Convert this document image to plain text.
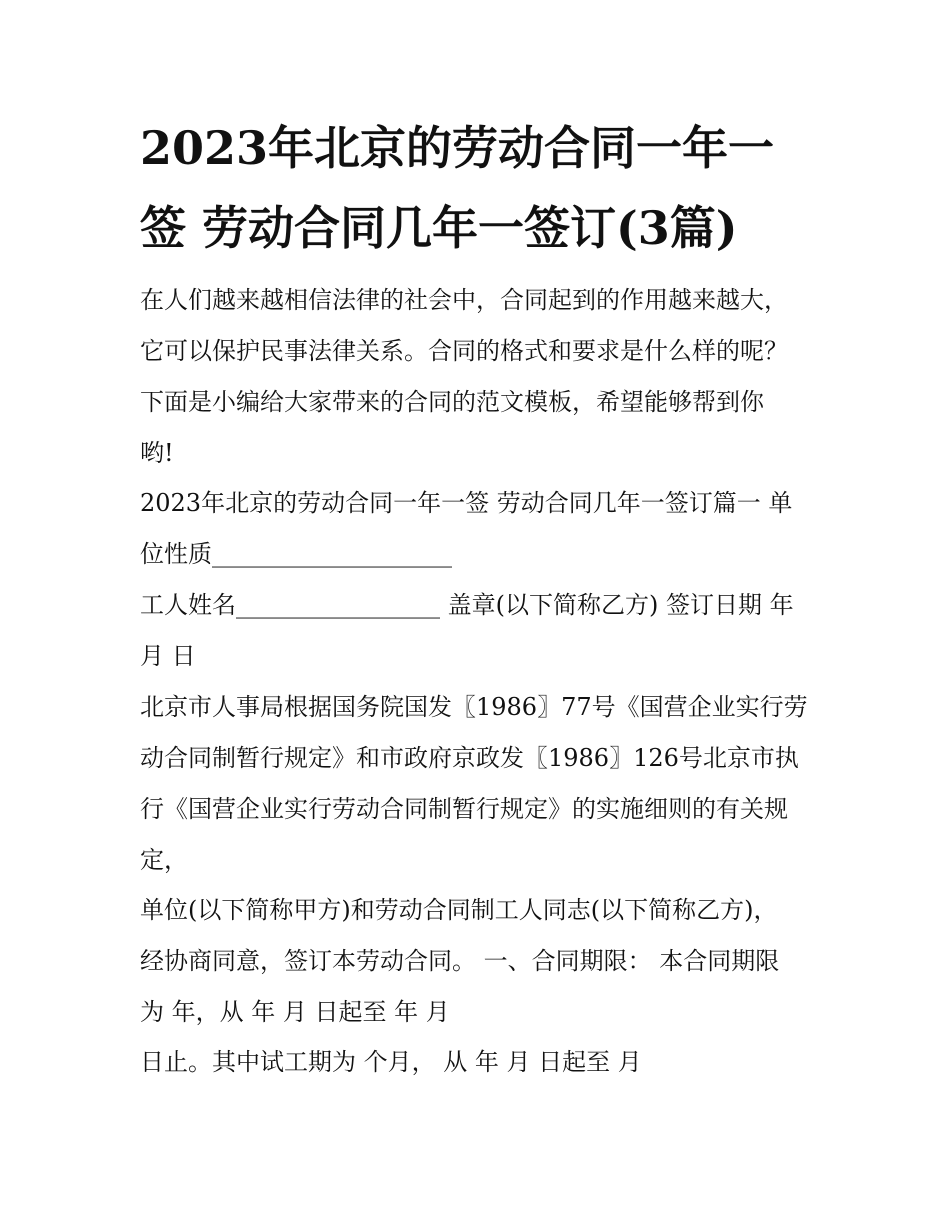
2023年北京的劳动合同一年一
签 劳动合同几年一签订(3篇)
在人们越来越相信法律的社会中，合同起到的作用越来越大，
它可以保护民事法律关系。合同的格式和要求是什么样的呢？
下面是小编给大家带来的合同的范文模板，希望能够帮到你
哟!
2023年北京的劳动合同一年一签 劳动合同几年一签订篇一 单
位性质____________________
工人姓名_________________ 盖章(以下简称乙方) 签订日期 年
月 日
北京市人事局根据国务院国发〖1986〗77号《国营企业实行劳
动合同制暂行规定》和市政府京政发〖1986〗126号北京市执
行《国营企业实行劳动合同制暂行规定》的实施细则的有关规
定，
单位(以下简称甲方)和劳动合同制工人同志(以下简称乙方)，
经协商同意，签订本劳动合同。 一、合同期限： 本合同期限
为 年，从 年 月 日起至 年 月
日止。其中试工期为 个月， 从 年 月 日起至 月
